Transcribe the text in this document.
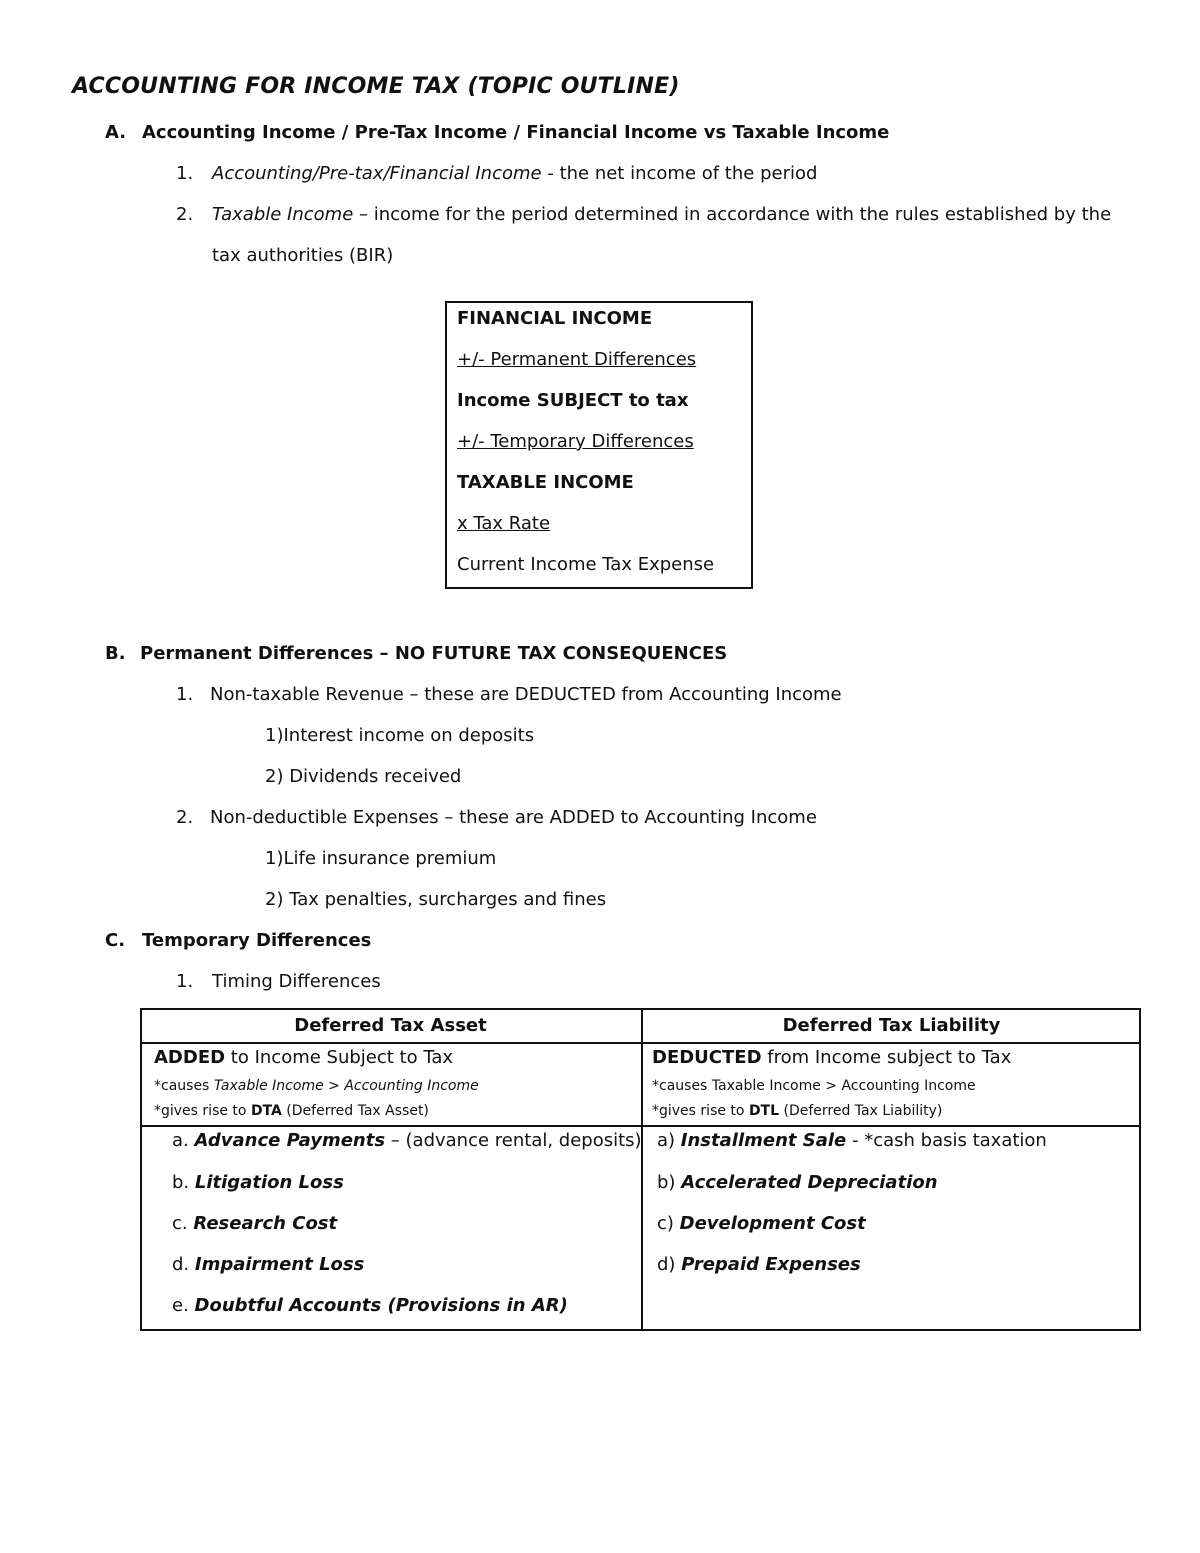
ACCOUNTING FOR INCOME TAX (TOPIC OUTLINE)
A. Accounting Income / Pre-Tax Income / Financial Income vs Taxable Income
1. Accounting/Pre-tax/Financial Income - the net income of the period
2. Taxable Income – income for the period determined in accordance with the rules established by the
tax authorities (BIR)
FINANCIAL INCOME
+/- Permanent Differences
Income SUBJECT to tax
+/- Temporary Differences
TAXABLE INCOME
x Tax Rate
Current Income Tax Expense
B. Permanent Differences – NO FUTURE TAX CONSEQUENCES
1. Non-taxable Revenue – these are DEDUCTED from Accounting Income
1)Interest income on deposits
2) Dividends received
2. Non-deductible Expenses – these are ADDED to Accounting Income
1)Life insurance premium
2) Tax penalties, surcharges and fines
C. Temporary Differences
1. Timing Differences
Deferred Tax Asset	Deferred Tax Liability
ADDED to Income Subject to Tax
*causes Taxable Income > Accounting Income
*gives rise to DTA (Deferred Tax Asset)
DEDUCTED from Income subject to Tax
*causes Taxable Income > Accounting Income
*gives rise to DTL (Deferred Tax Liability)
a. Advance Payments – (advance rental, deposits)
b. Litigation Loss
c. Research Cost
d. Impairment Loss
e. Doubtful Accounts (Provisions in AR)
a) Installment Sale - *cash basis taxation
b) Accelerated Depreciation
c) Development Cost
d) Prepaid Expenses
